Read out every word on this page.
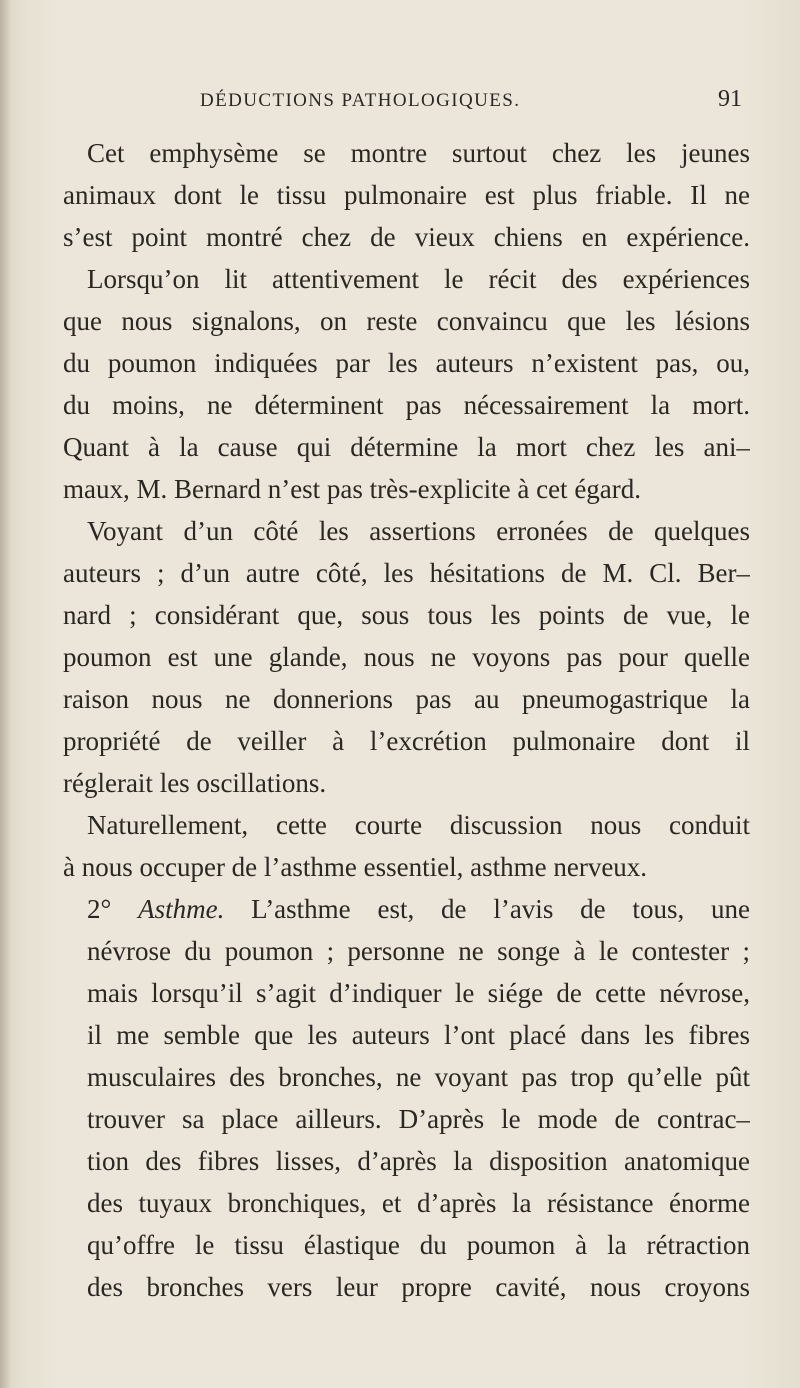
DÉDUCTIONS PATHOLOGIQUES.	91
Cet emphysème se montre surtout chez les jeunes
animaux dont le tissu pulmonaire est plus friable. Il ne
s’est point montré chez de vieux chiens en expérience.
Lorsqu’on lit attentivement le récit des expériences
que nous signalons, on reste convaincu que les lésions
du poumon indiquées par les auteurs n’existent pas, ou,
du moins, ne déterminent pas nécessairement la mort.
Quant à la cause qui détermine la mort chez les ani–
maux, M. Bernard n’est pas très-explicite à cet égard.
Voyant d’un côté les assertions erronées de quelques
auteurs ; d’un autre côté, les hésitations de M. Cl. Ber–
nard ; considérant que, sous tous les points de vue, le
poumon est une glande, nous ne voyons pas pour quelle
raison nous ne donnerions pas au pneumogastrique la
propriété de veiller à l’excrétion pulmonaire dont il
réglerait les oscillations.
Naturellement, cette courte discussion nous conduit
à nous occuper de l’asthme essentiel, asthme nerveux.
2° Asthme. L’asthme est, de l’avis de tous, une
névrose du poumon ; personne ne songe à le contester ;
mais lorsqu’il s’agit d’indiquer le siége de cette névrose,
il me semble que les auteurs l’ont placé dans les fibres
musculaires des bronches, ne voyant pas trop qu’elle pût
trouver sa place ailleurs. D’après le mode de contrac–
tion des fibres lisses, d’après la disposition anatomique
des tuyaux bronchiques, et d’après la résistance énorme
qu’offre le tissu élastique du poumon à la rétraction
des bronches vers leur propre cavité, nous croyons
